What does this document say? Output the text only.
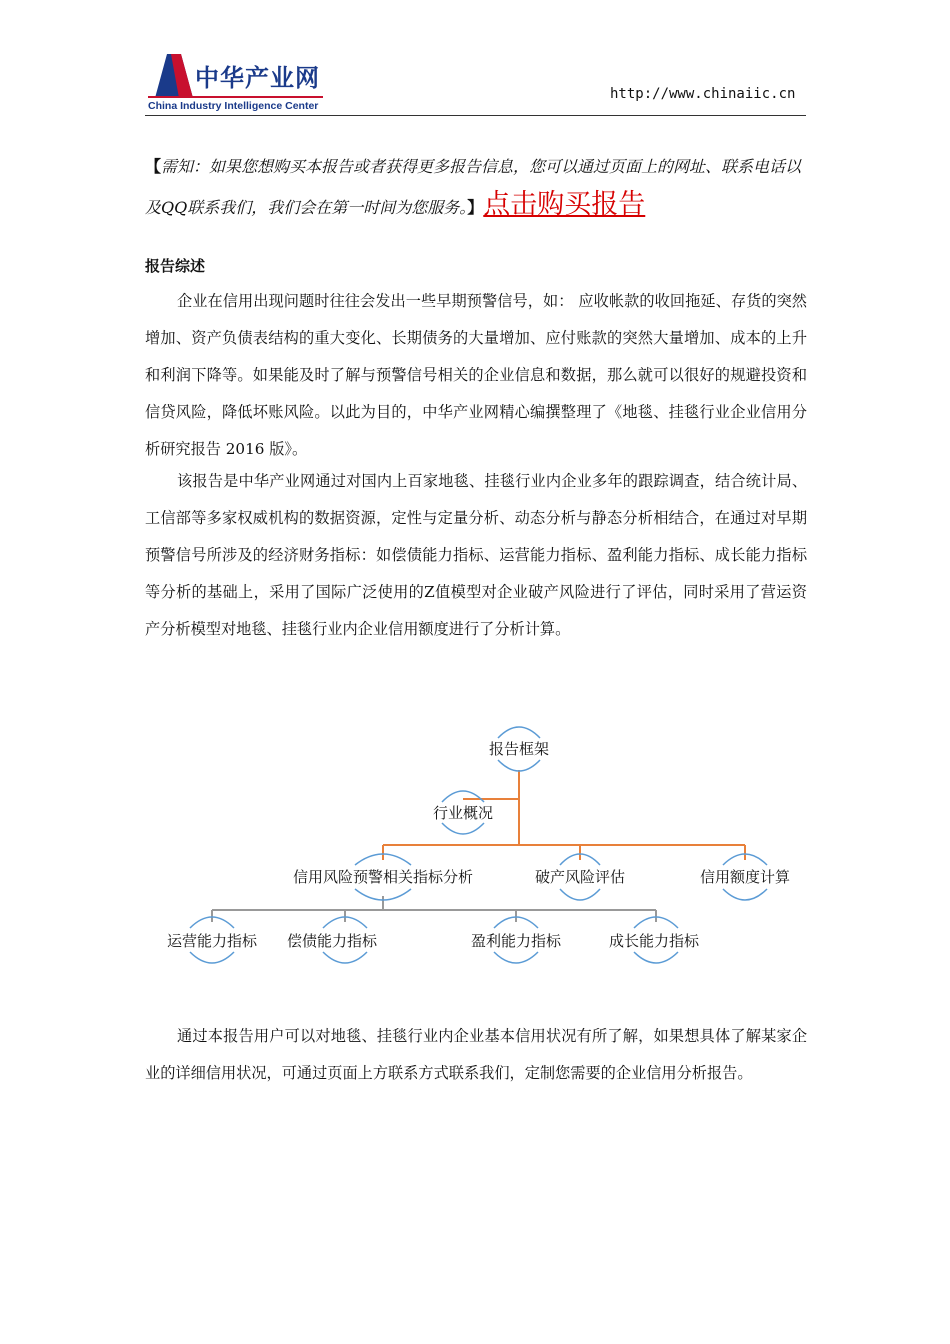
中华产业网
China Industry Intelligence Center
http://www.chinaiic.cn
【需知：如果您想购买本报告或者获得更多报告信息，您可以通过页面上的网址、联系电话以及QQ联系我们，我们会在第一时间为您服务。】点击购买报告
报告综述

企业在信用出现问题时往往会发出一些早期预警信号，如： 应收帐款的收回拖延、存货的突然增加、资产负债表结构的重大变化、长期债务的大量增加、应付账款的突然大量增加、成本的上升和利润下降等。如果能及时了解与预警信号相关的企业信息和数据，那么就可以很好的规避投资和信贷风险，降低坏账风险。以此为目的，中华产业网精心编撰整理了《地毯、挂毯行业企业信用分析研究报告 2016 版》。

该报告是中华产业网通过对国内上百家地毯、挂毯行业内企业多年的跟踪调查，结合统计局、工信部等多家权威机构的数据资源，定性与定量分析、动态分析与静态分析相结合，在通过对早期预警信号所涉及的经济财务指标：如偿债能力指标、运营能力指标、盈利能力指标、成长能力指标等分析的基础上，采用了国际广泛使用的Z值模型对企业破产风险进行了评估，同时采用了营运资产分析模型对地毯、挂毯行业内企业信用额度进行了分析计算。

报告框架
行业概况
信用风险预警相关指标分析	破产风险评估	信用额度计算
运营能力指标 偿债能力指标	盈利能力指标	成长能力指标

通过本报告用户可以对地毯、挂毯行业内企业基本信用状况有所了解，如果想具体了解某家企业的详细信用状况，可通过页面上方联系方式联系我们，定制您需要的企业信用分析报告。
